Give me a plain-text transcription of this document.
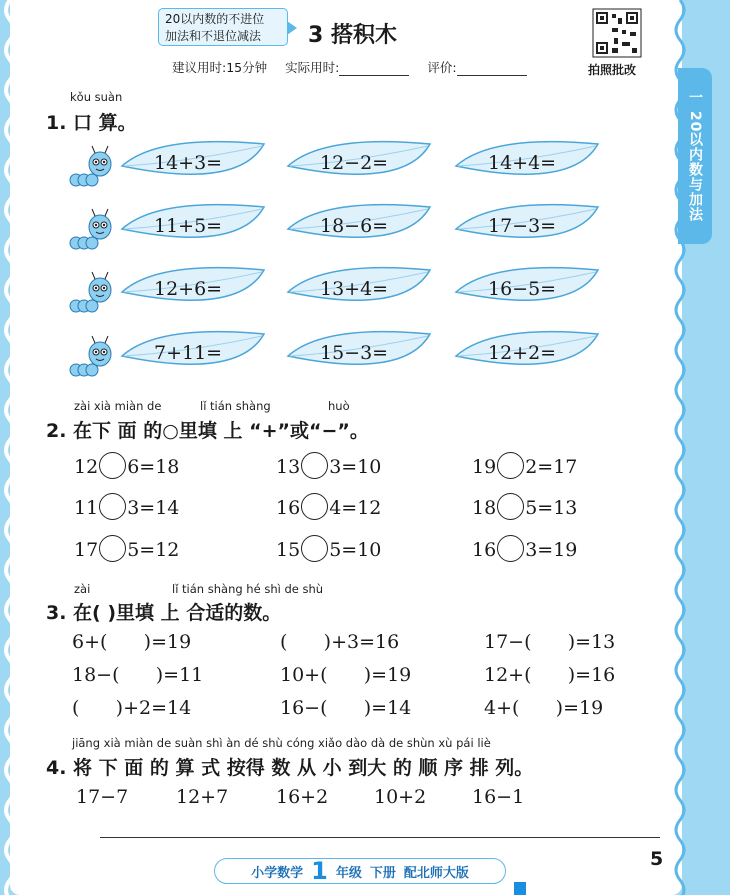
一 20以内数与加法
20以内数的不进位
加法和不退位减法	3 搭积木
建议用时:15分钟 实际用时:	评价:	拍照批改
kǒu suàn
1. 口 算。
14+3=	12−2=	14+4=
11+5=	18−6=	17−3=
12+6=	13+4=	16−5=
7+11=	15−3=	12+2=
zài xià miàn de	lǐ tián shàng	huò
2. 在下 面 的○里填 上 “+”或“−”。
12 6=18	13 3=10	19 2=17
11 3=14	16 4=12	18 5=13
17 5=12	15 5=10	16 3=19
zài	lǐ tián shàng hé shì de shù
3. 在( )里填 上 合适的数。
6+(      )=19	(      )+3=16	17−(      )=13
18−(      )=11	10+(      )=19	12+(      )=16
(      )+2=14	16−(      )=14	4+(      )=19
jiāng xià miàn de suàn shì àn dé shù cóng xiǎo dào dà de shùn xù pái liè
4. 将 下 面 的 算 式 按得 数 从 小 到大 的 顺 序 排 列。
17−7	12+7	16+2 10+2 16−1
5
小学数学 1 年级 下册 配北师大版
